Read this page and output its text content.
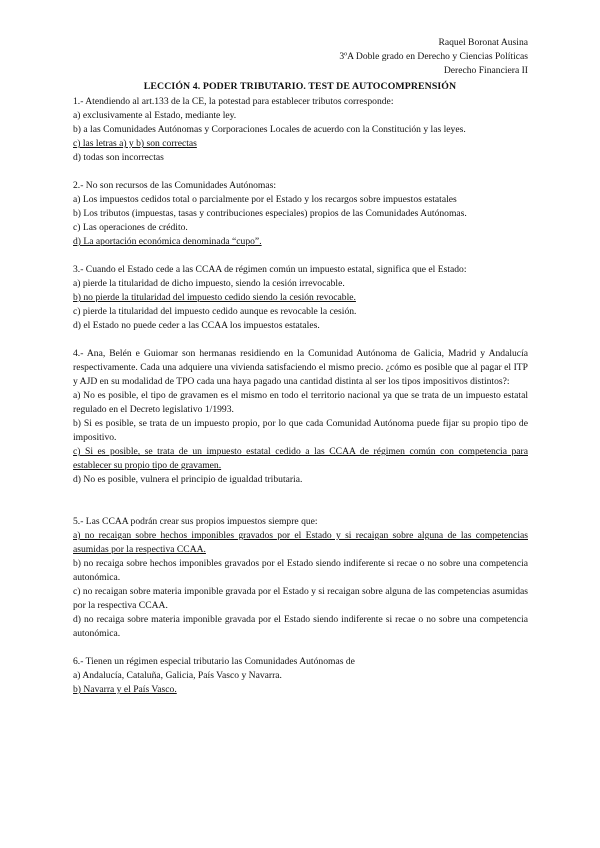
Raquel Boronat Ausina
3ºA Doble grado en Derecho y Ciencias Políticas
Derecho Financiera II
LECCIÓN 4. PODER TRIBUTARIO. TEST DE AUTOCOMPRENSIÓN

1.- Atendiendo al art.133 de la CE, la potestad para establecer tributos corresponde:

a) exclusivamente al Estado, mediante ley.

b) a las Comunidades Autónomas y Corporaciones Locales de acuerdo con la Constitución y las leyes.

c) las letras a) y b) son correctas

d) todas son incorrectas

2.- No son recursos de las Comunidades Autónomas:

a) Los impuestos cedidos total o parcialmente por el Estado y los recargos sobre impuestos estatales

b) Los tributos (impuestas, tasas y contribuciones especiales) propios de las Comunidades Autónomas.

c) Las operaciones de crédito.

d) La aportación económica denominada “cupo”.

3.- Cuando el Estado cede a las CCAA de régimen común un impuesto estatal, significa que el Estado:

a) pierde la titularidad de dicho impuesto, siendo la cesión irrevocable.

b) no pierde la titularidad del impuesto cedido siendo la cesión revocable.

c) pierde la titularidad del impuesto cedido aunque es revocable la cesión.

d) el Estado no puede ceder a las CCAA los impuestos estatales.

4.- Ana, Belén e Guiomar son hermanas residiendo en la Comunidad Autónoma de Galicia, Madrid y Andalucía respectivamente. Cada una adquiere una vivienda satisfaciendo el mismo precio. ¿cómo es posible que al pagar el ITP y AJD en su modalidad de TPO cada una haya pagado una cantidad distinta al ser los tipos impositivos distintos?:

a) No es posible, el tipo de gravamen es el mismo en todo el territorio nacional ya que se trata de un impuesto estatal regulado en el Decreto legislativo 1/1993.

b) Si es posible, se trata de un impuesto propio, por lo que cada Comunidad Autónoma puede fijar su propio tipo de impositivo.

c) Si es posible, se trata de un impuesto estatal cedido a las CCAA de régimen común con competencia para establecer su propio tipo de gravamen.

d) No es posible, vulnera el principio de igualdad tributaria.

5.- Las CCAA podrán crear sus propios impuestos siempre que:

a) no recaigan sobre hechos imponibles gravados por el Estado y si recaigan sobre alguna de las competencias asumidas por la respectiva CCAA.

b) no recaiga sobre hechos imponibles gravados por el Estado siendo indiferente si recae o no sobre una competencia autonómica.

c) no recaigan sobre materia imponible gravada por el Estado y si recaigan sobre alguna de las competencias asumidas por la respectiva CCAA.

d) no recaiga sobre materia imponible gravada por el Estado siendo indiferente si recae o no sobre una competencia autonómica.

6.- Tienen un régimen especial tributario las Comunidades Autónomas de

a) Andalucía, Cataluña, Galicia, País Vasco y Navarra.

b) Navarra y el País Vasco.
